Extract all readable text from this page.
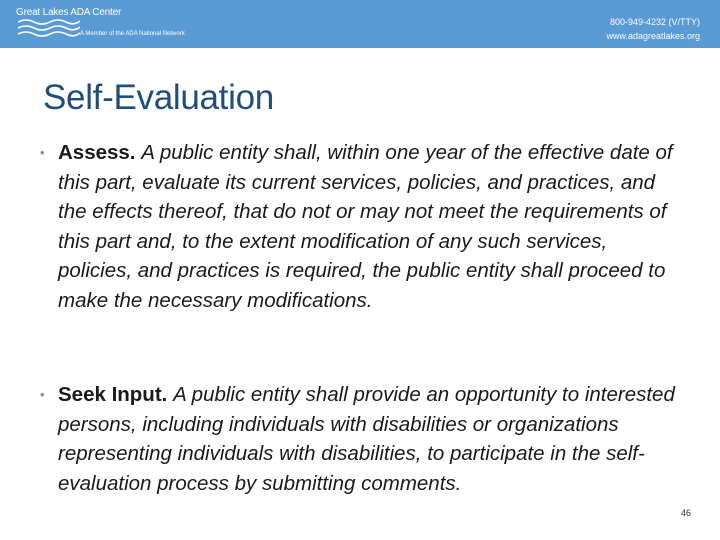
Great Lakes ADA Center
A Member of the ADA National Network
800-949-4232 (V/TTY)
www.adagreatlakes.org
Self-Evaluation
• Assess. A public entity shall, within one year of the effective date of this part, evaluate its current services, policies, and practices, and the effects thereof, that do not or may not meet the requirements of this part and, to the extent modification of any such services, policies, and practices is required, the public entity shall proceed to make the necessary modifications.

• Seek Input. A public entity shall provide an opportunity to interested persons, including individuals with disabilities or organizations representing individuals with disabilities, to participate in the self-evaluation process by submitting comments.

46
